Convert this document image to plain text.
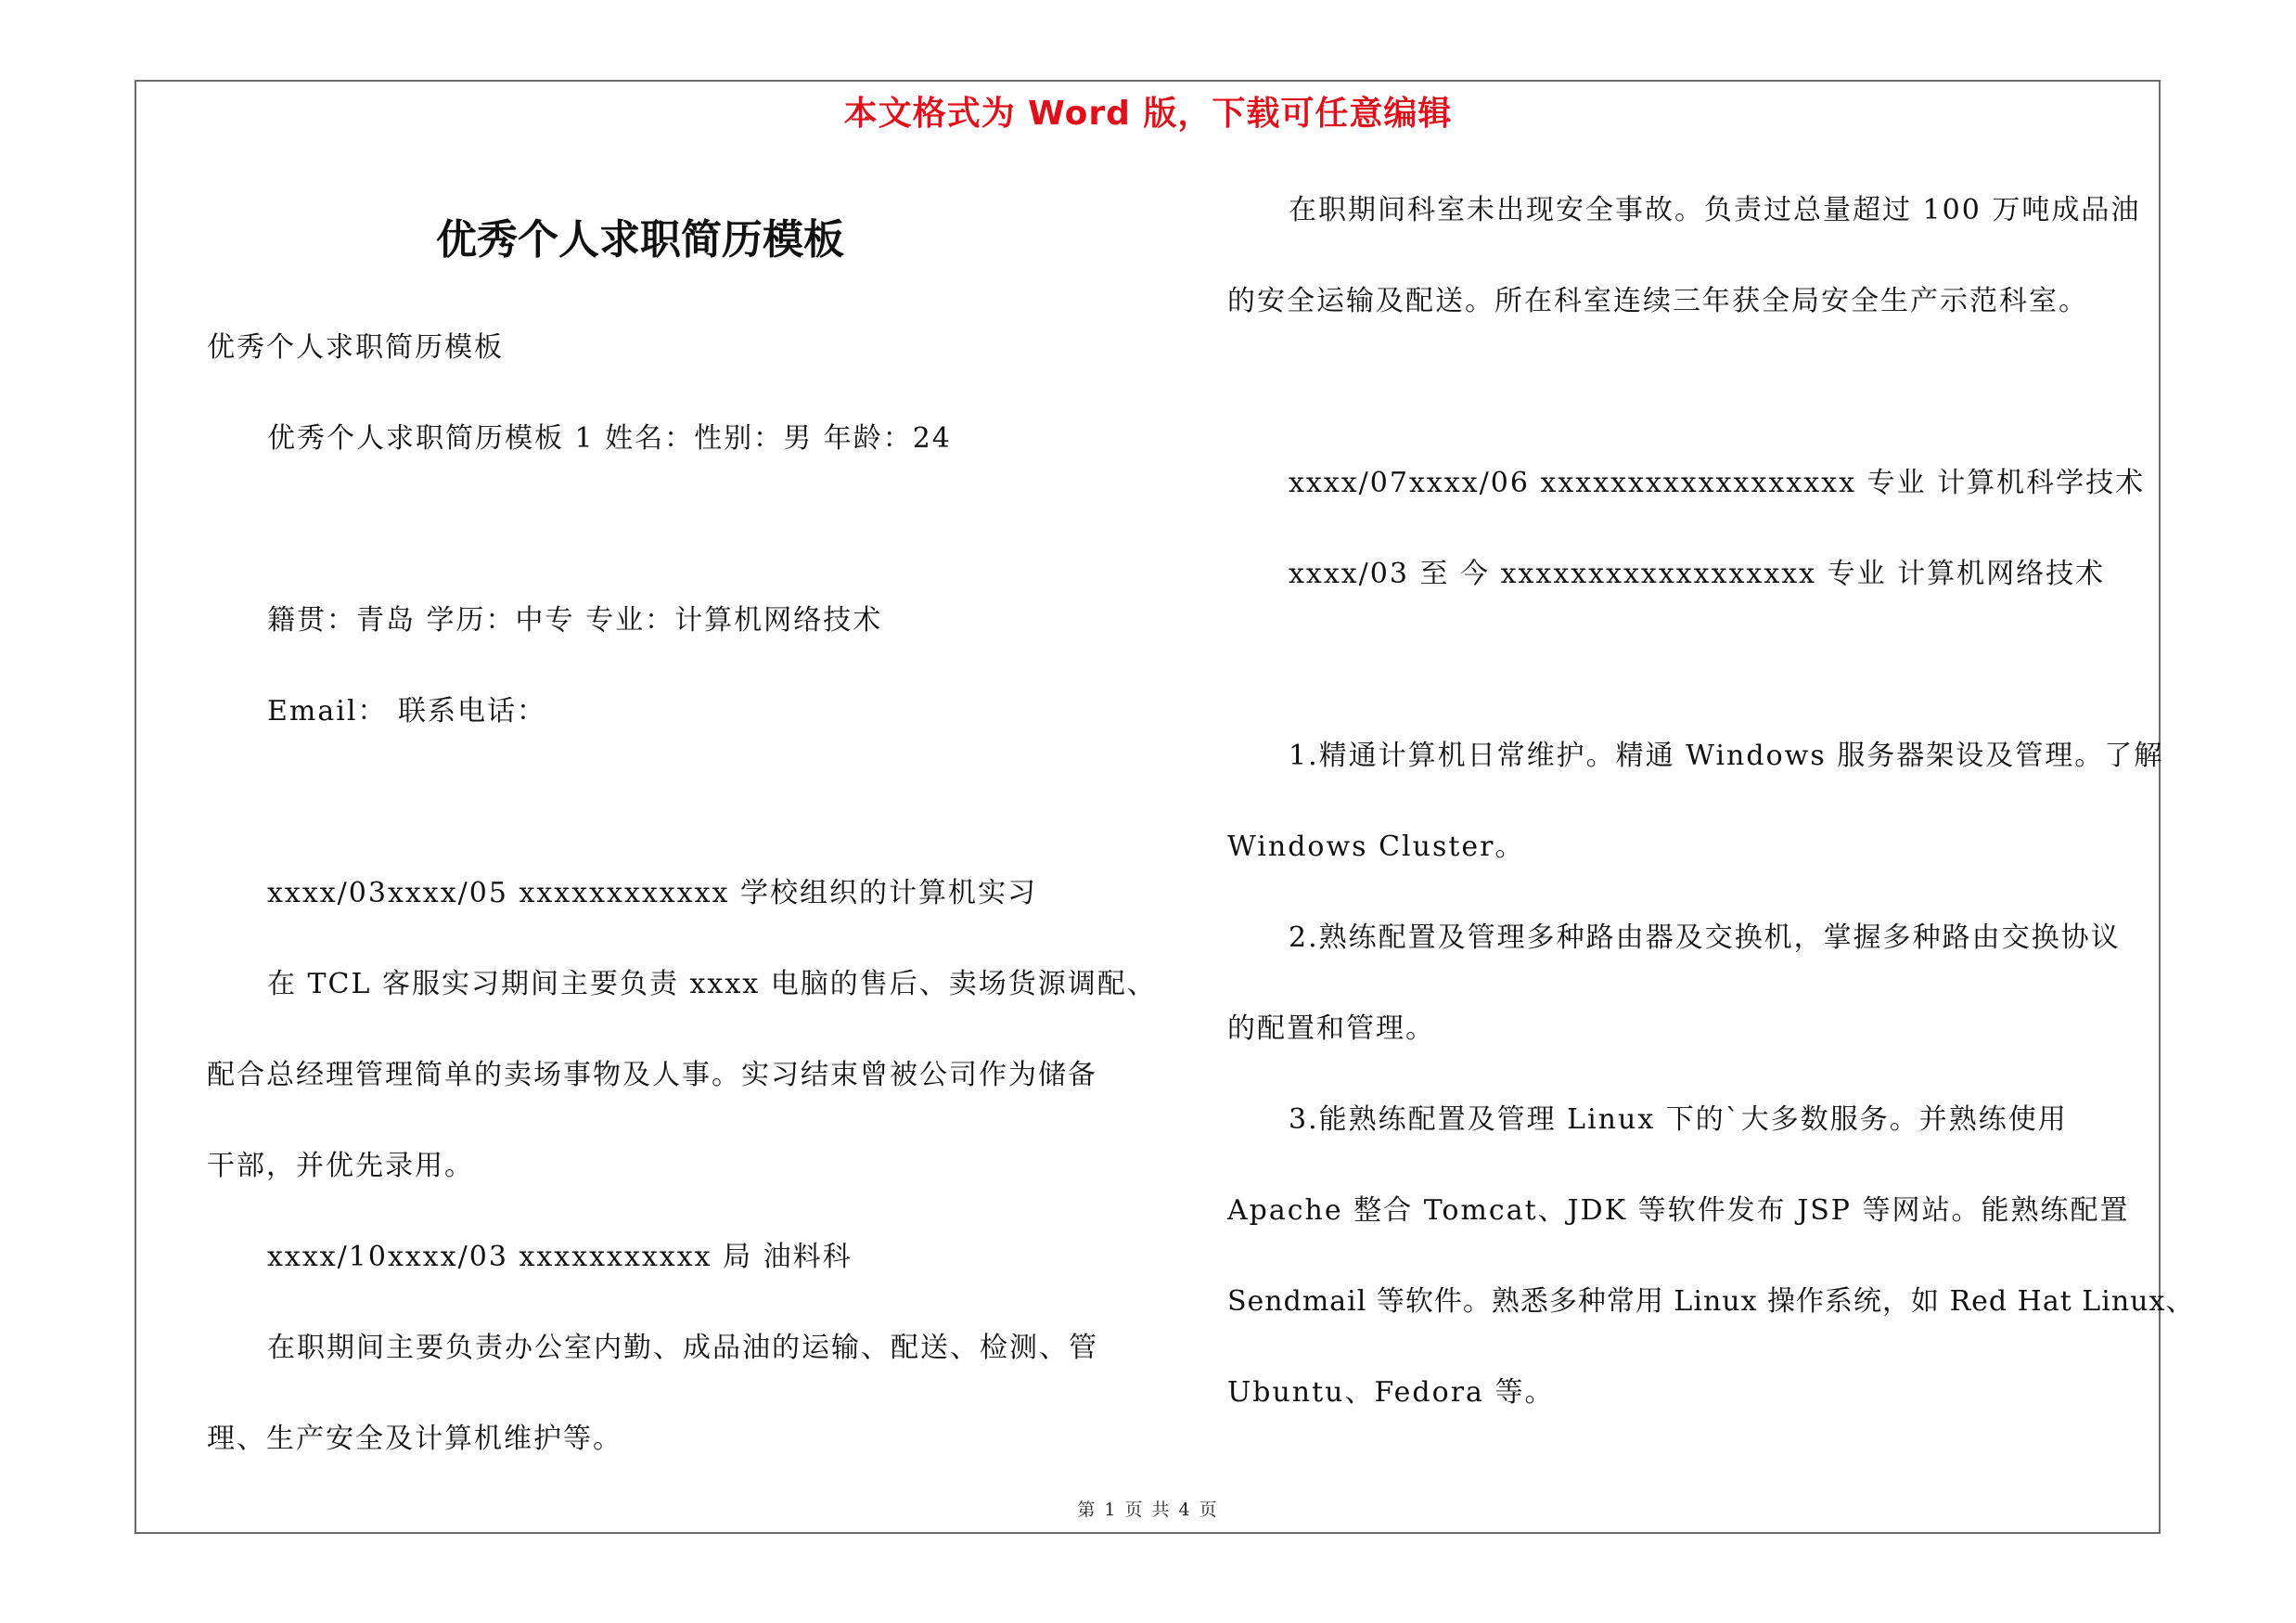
本文格式为 Word 版，下载可任意编辑
优秀个人求职简历模板
优秀个人求职简历模板
优秀个人求职简历模板 1 姓名：性别：男 年龄：24
籍贯：青岛 学历：中专 专业：计算机网络技术
Email： 联系电话：
xxxx/03xxxx/05 xxxxxxxxxxxx 学校组织的计算机实习
在 TCL 客服实习期间主要负责 xxxx 电脑的售后、卖场货源调配、
配合总经理管理简单的卖场事物及人事。实习结束曾被公司作为储备
干部，并优先录用。
xxxx/10xxxx/03 xxxxxxxxxxx 局 油料科
在职期间主要负责办公室内勤、成品油的运输、配送、检测、管
理、生产安全及计算机维护等。
在职期间科室未出现安全事故。负责过总量超过 100 万吨成品油
的安全运输及配送。所在科室连续三年获全局安全生产示范科室。
xxxx/07xxxx/06 xxxxxxxxxxxxxxxxxx 专业 计算机科学技术
xxxx/03 至 今 xxxxxxxxxxxxxxxxxx 专业 计算机网络技术
1.精通计算机日常维护。精通 Windows 服务器架设及管理。了解
Windows Cluster。
2.熟练配置及管理多种路由器及交换机，掌握多种路由交换协议
的配置和管理。
3.能熟练配置及管理 Linux 下的`大多数服务。并熟练使用
Apache 整合 Tomcat、JDK 等软件发布 JSP 等网站。能熟练配置
Sendmail 等软件。熟悉多种常用 Linux 操作系统，如 Red Hat Linux、
Ubuntu、Fedora 等。
第 1 页 共 4 页
